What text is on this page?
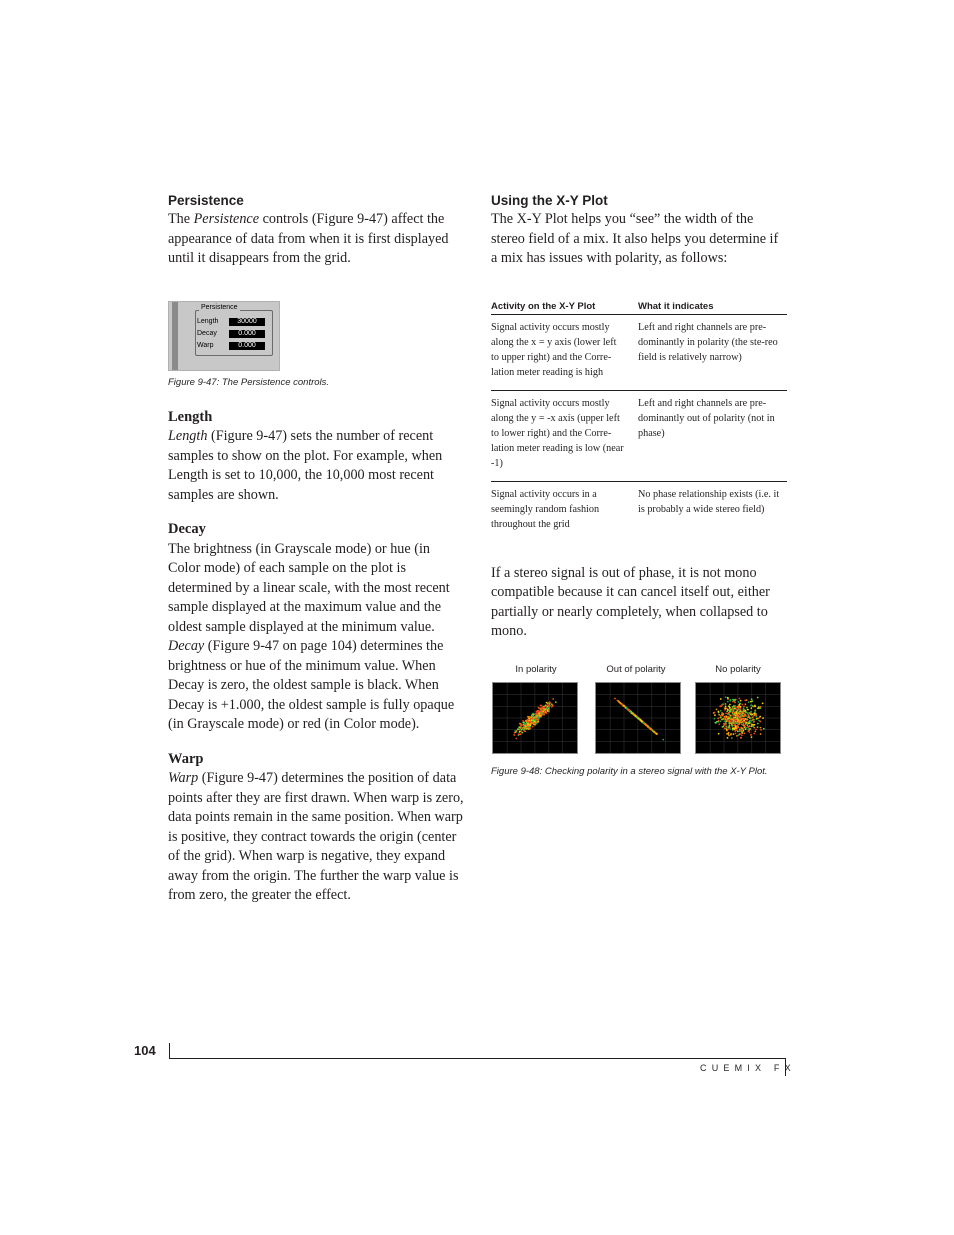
Persistence

The Persistence controls (Figure 9-47) affect the appearance of data from when it is first displayed until it disappears from the grid.

Persistence
Length	30000
Decay	0.000
Warp	0.000

Figure 9-47: The Persistence controls.

Length

Length (Figure 9-47) sets the number of recent samples to show on the plot. For example, when Length is set to 10,000, the 10,000 most recent samples are shown.

Decay

The brightness (in Grayscale mode) or hue (in Color mode) of each sample on the plot is determined by a linear scale, with the most recent sample displayed at the maximum value and the oldest sample displayed at the minimum value. Decay (Figure 9-47 on page 104) determines the brightness or hue of the minimum value. When Decay is zero, the oldest sample is black. When Decay is +1.000, the oldest sample is fully opaque (in Grayscale mode) or red (in Color mode).

Warp

Warp (Figure 9-47) determines the position of data points after they are first drawn. When warp is zero, data points remain in the same position. When warp is positive, they contract towards the origin (center of the grid). When warp is negative, they expand away from the origin. The further the warp value is from zero, the greater the effect.

Using the X-Y Plot

The X-Y Plot helps you “see” the width of the stereo field of a mix. It also helps you determine if a mix has issues with polarity, as follows:

Activity on the X-Y Plot	What it indicates

Signal activity occurs mostly along the x = y axis (lower left to upper right) and the Corre-lation meter reading is high	Left and right channels are pre-dominantly in polarity (the ste-reo field is relatively narrow)

Signal activity occurs mostly along the y = -x axis (upper left to lower right) and the Corre-lation meter reading is low (near -1)	Left and right channels are pre-dominantly out of polarity (not in phase)

Signal activity occurs in a seemingly random fashion throughout the grid	No phase relationship exists (i.e. it is probably a wide stereo field)

If a stereo signal is out of phase, it is not mono compatible because it can cancel itself out, either partially or nearly completely, when collapsed to mono.

In polarity	Out of polarity	No polarity

Figure 9-48: Checking polarity in a stereo signal with the X-Y Plot.

104
CUEMIX FX
